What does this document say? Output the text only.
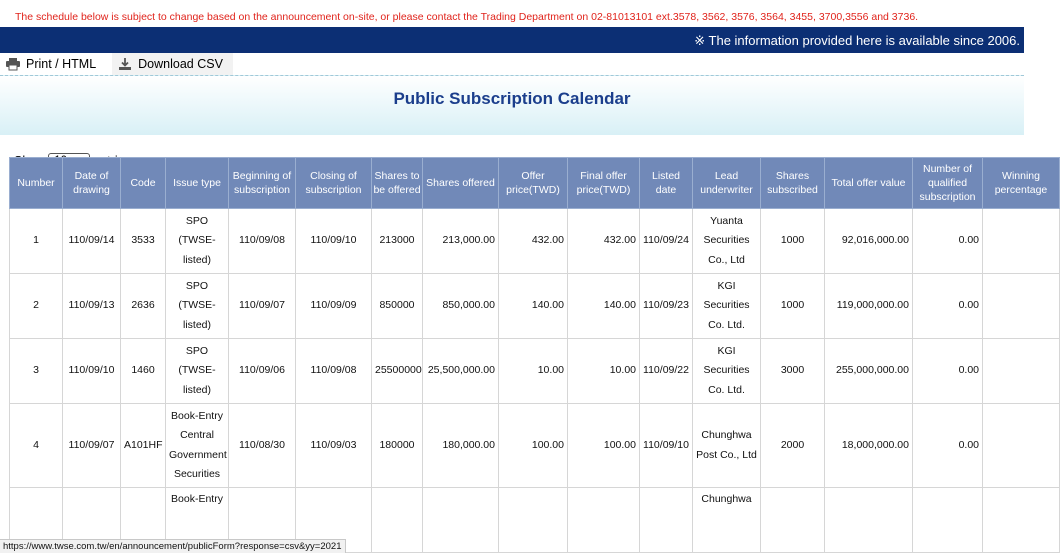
The schedule below is subject to change based on the announcement on-site, or please contact the Trading Department on 02-81013101 ext.3578, 3562, 3576, 3564, 3455, 3700,3556 and 3736.
※ The information provided here is available since 2006.
Print / HTML	Download CSV
Public Subscription Calendar
Number	Date of drawing	Code	Issue type	Beginning of subscription	Closing of subscription	Shares to be offered	Shares offered	Offer price(TWD)	Final offer price(TWD)	Listed date	Lead underwriter	Shares subscribed	Total offer value	Number of qualified subscription	Winning percentage
1	110/09/14	3533	SPO (TWSE-listed)	110/09/08	110/09/10	213000	213,000.00	432.00	432.00	110/09/24	Yuanta Securities Co., Ltd	1000	92,016,000.00	0.00	
2	110/09/13	2636	SPO (TWSE-listed)	110/09/07	110/09/09	850000	850,000.00	140.00	140.00	110/09/23	KGI Securities Co. Ltd.	1000	119,000,000.00	0.00	
3	110/09/10	1460	SPO (TWSE-listed)	110/09/06	110/09/08	25500000	25,500,000.00	10.00	10.00	110/09/22	KGI Securities Co. Ltd.	3000	255,000,000.00	0.00	
4	110/09/07	A101HF	Book-Entry Central Government Securities	110/08/30	110/09/03	180000	180,000.00	100.00	100.00	110/09/10	Chunghwa Post Co., Ltd	2000	18,000,000.00	0.00	
			Book-Entry								Chunghwa				
https://www.twse.com.tw/en/announcement/publicForm?response=csv&yy=2021
